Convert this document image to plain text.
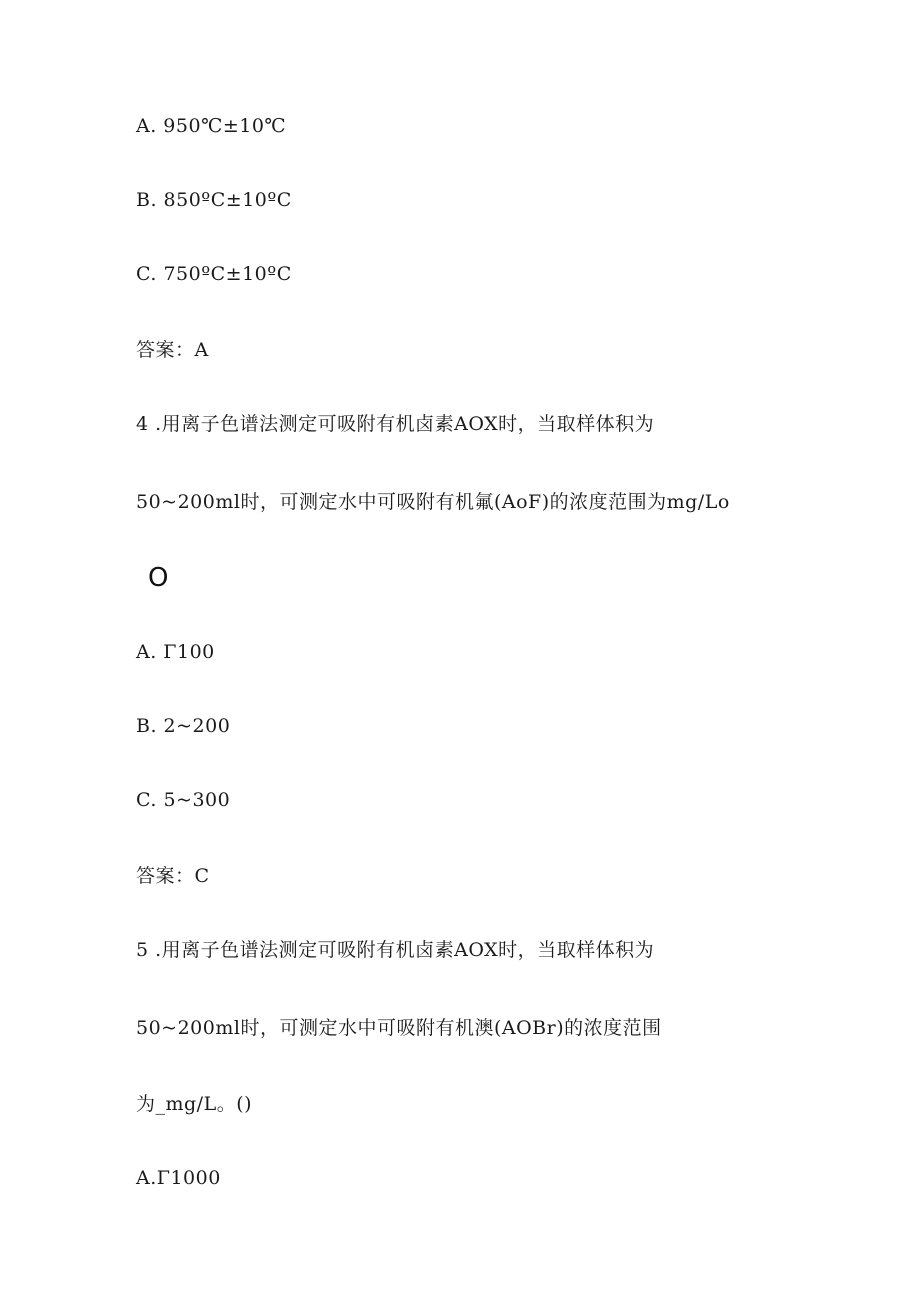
A. 950℃±10℃
B. 850ºC±10ºC
C. 750ºC±10ºC
答案：A
4 .用离子色谱法测定可吸附有机卤素AOX时，当取样体积为
50~200ml时，可测定水中可吸附有机氟(AoF)的浓度范围为mg/Lo
O
A. Γ100
B. 2~200
C. 5~300
答案：C
5 .用离子色谱法测定可吸附有机卤素AOX时，当取样体积为
50~200ml时，可测定水中可吸附有机澳(AOBr)的浓度范围
为_mg/L。()
A.Γ1000
